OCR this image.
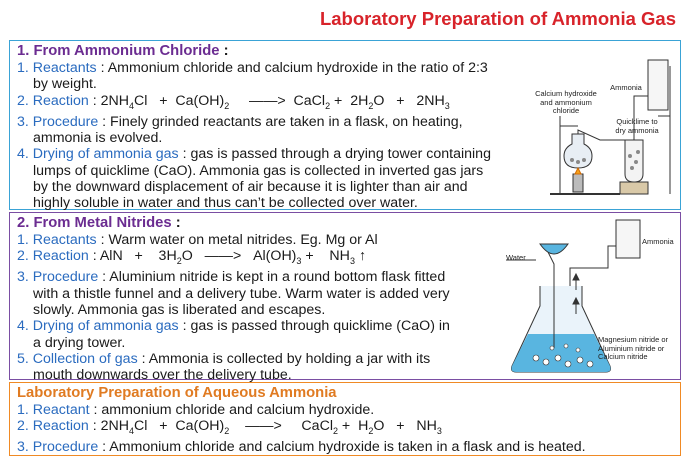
Laboratory Preparation of Ammonia Gas
1. From Ammonium Chloride :
1. Reactants : Ammonium chloride and calcium hydroxide in the ratio of 2:3
by weight.
2. Reaction : $2NH_4Cl + Ca(OH)_2$     ——>  CaCl$_2$ +  $2H_2O + 2NH_3$
3. Procedure : Finely grinded reactants are taken in a flask, on heating,
ammonia is evolved.
4. Drying of ammonia gas : gas is passed through a drying tower containing
lumps of quicklime (CaO). Ammonia gas is collected in inverted gas jars
by the downward displacement of air because it is lighter than air and
highly soluble in water and thus can’t be collected over water.
Ammonia
Calcium hydroxide and ammonium chloride
Quicklime to dry ammonia
2. From Metal Nitrides :
1. Reactants : Warm water on metal nitrides. Eg. Mg or Al
2. Reaction : AlN   +    $3H_2O$   ——>   $Al(OH)_3$ +    $NH_3$ ↑
3. Procedure : Aluminium nitride is kept in a round bottom flask fitted
with a thistle funnel and a delivery tube. Warm water is added very
slowly. Ammonia gas is liberated and escapes.
4. Drying of ammonia gas : gas is passed through quicklime (CaO) in
a drying tower.
5. Collection of gas : Ammonia is collected by holding a jar with its
mouth downwards over the delivery tube.
Water
Ammonia
Magnesium nitride or Aluminium nitride or Calcium nitride
Laboratory Preparation of Aqueous Ammonia
1. Reactant : ammonium chloride and calcium hydroxide.
2. Reaction : $2NH_4Cl + Ca(OH)_2$    ——>     CaCl$_2$ +  $H_2O + NH_3$
3. Procedure : Ammonium chloride and calcium hydroxide is taken in a flask and is heated.
